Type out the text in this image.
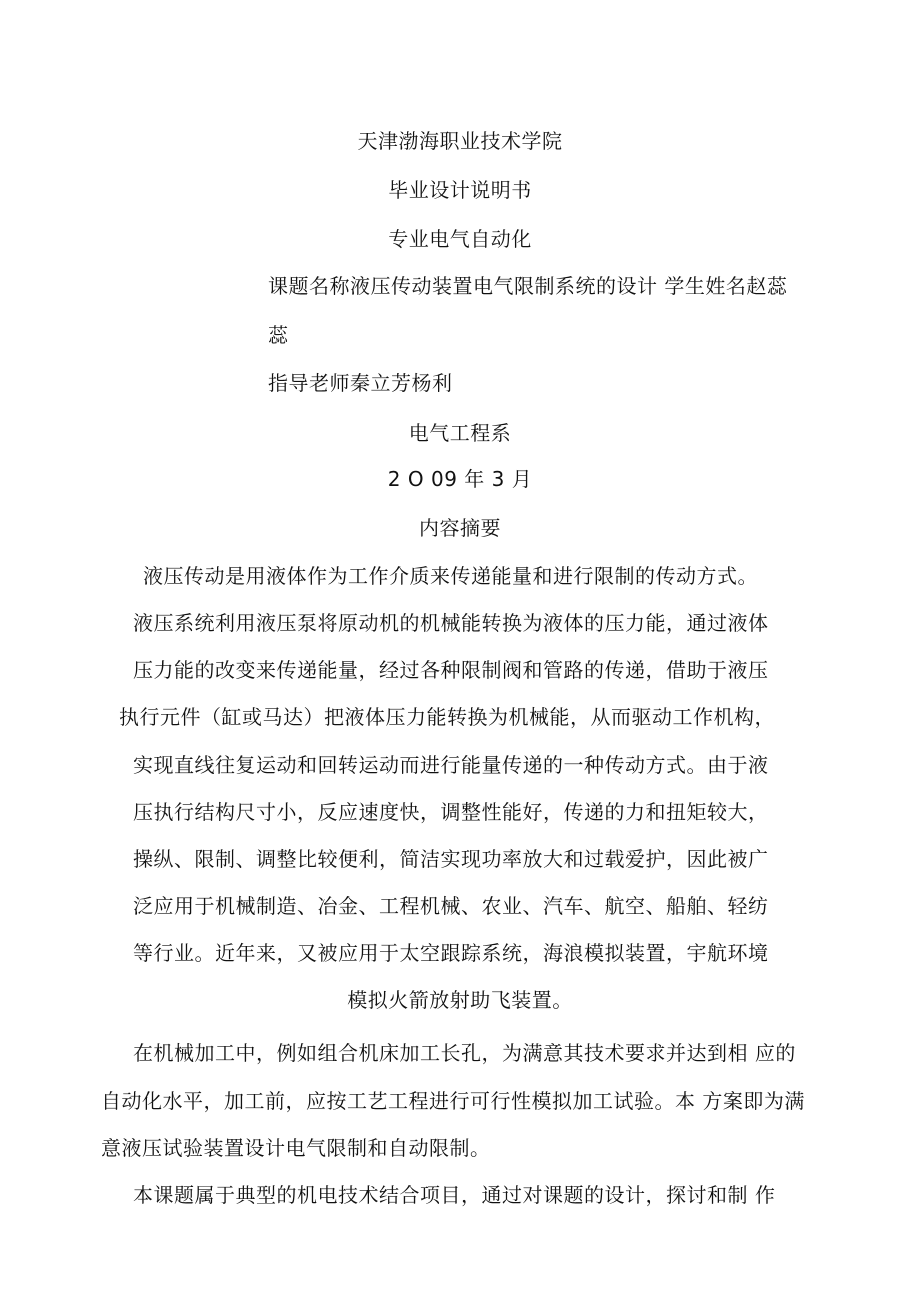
天津渤海职业技术学院
毕业设计说明书
专业电气自动化
课题名称液压传动装置电气限制系统的设计 学生姓名赵蕊
蕊
指导老师秦立芳杨利
电气工程系
2 O 09 年 3 月
内容摘要
液压传动是用液体作为工作介质来传递能量和进行限制的传动方式。
液压系统利用液压泵将原动机的机械能转换为液体的压力能，通过液体
压力能的改变来传递能量，经过各种限制阀和管路的传递，借助于液压
执行元件（缸或马达）把液体压力能转换为机械能，从而驱动工作机构，
实现直线往复运动和回转运动而进行能量传递的一种传动方式。由于液
压执行结构尺寸小，反应速度快，调整性能好，传递的力和扭矩较大，
操纵、限制、调整比较便利，简洁实现功率放大和过载爱护，因此被广
泛应用于机械制造、冶金、工程机械、农业、汽车、航空、船舶、轻纺
等行业。近年来，又被应用于太空跟踪系统，海浪模拟装置，宇航环境
模拟火箭放射助飞装置。
在机械加工中，例如组合机床加工长孔，为满意其技术要求并达到相 应的
自动化水平，加工前，应按工艺工程进行可行性模拟加工试验。本 方案即为满
意液压试验装置设计电气限制和自动限制。
本课题属于典型的机电技术结合项目，通过对课题的设计，探讨和制 作
